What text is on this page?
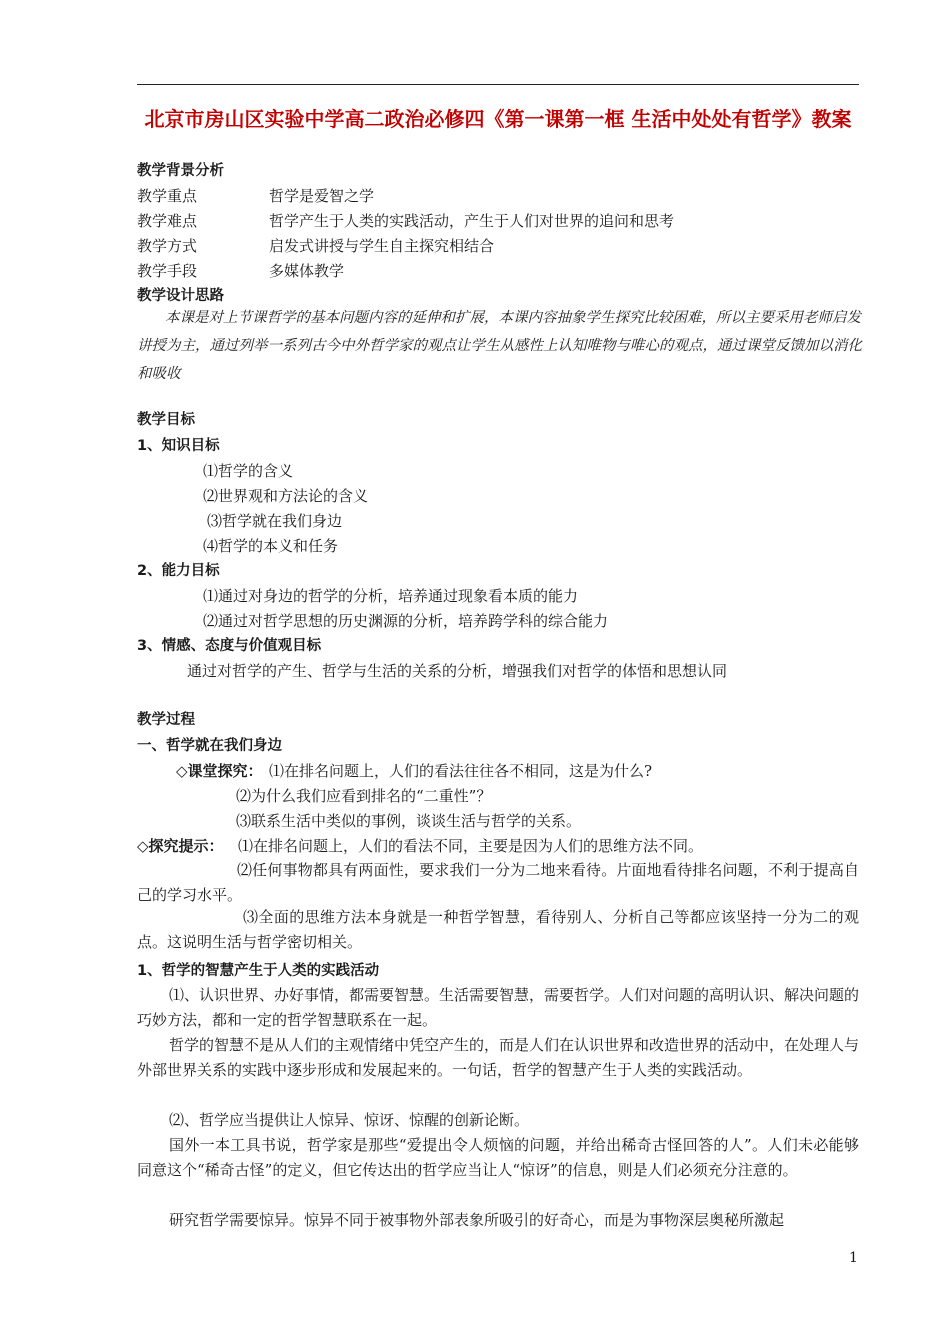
北京市房山区实验中学高二政治必修四《第一课第一框 生活中处处有哲学》教案
教学背景分析
教学重点	哲学是爱智之学
教学难点	哲学产生于人类的实践活动，产生于人们对世界的追问和思考
教学方式	启发式讲授与学生自主探究相结合
教学手段	多媒体教学
教学设计思路
本课是对上节课哲学的基本问题内容的延伸和扩展，本课内容抽象学生探究比较困难，所以主要采用老师启发讲授为主，通过列举一系列古今中外哲学家的观点让学生从感性上认知唯物与唯心的观点，通过课堂反馈加以消化和吸收
教学目标
1、知识目标
⑴哲学的含义
⑵世界观和方法论的含义
⑶哲学就在我们身边
⑷哲学的本义和任务
2、能力目标
⑴通过对身边的哲学的分析，培养通过现象看本质的能力
⑵通过对哲学思想的历史渊源的分析，培养跨学科的综合能力
3、情感、态度与价值观目标
通过对哲学的产生、哲学与生活的关系的分析，增强我们对哲学的体悟和思想认同
教学过程
一、哲学就在我们身边
◇课堂探究： ⑴在排名问题上，人们的看法往往各不相同，这是为什么?
⑵为什么我们应看到排名的“二重性”？
⑶联系生活中类似的事例，谈谈生活与哲学的关系。
◇探究提示： ⑴在排名问题上，人们的看法不同，主要是因为人们的思维方法不同。
⑵任何事物都具有两面性，要求我们一分为二地来看待。片面地看待排名问题，不利于提高自己的学习水平。
⑶全面的思维方法本身就是一种哲学智慧，看待别人、分析自己等都应该坚持一分为二的观点。这说明生活与哲学密切相关。
1、哲学的智慧产生于人类的实践活动
⑴、认识世界、办好事情，都需要智慧。生活需要智慧，需要哲学。人们对问题的高明认识、解决问题的巧妙方法，都和一定的哲学智慧联系在一起。
哲学的智慧不是从人们的主观情绪中凭空产生的，而是人们在认识世界和改造世界的活动中，在处理人与外部世界关系的实践中逐步形成和发展起来的。一句话，哲学的智慧产生于人类的实践活动。
⑵、哲学应当提供让人惊异、惊讶、惊醒的创新论断。
国外一本工具书说，哲学家是那些“爱提出令人烦恼的问题，并给出稀奇古怪回答的人”。人们未必能够同意这个“稀奇古怪”的定义，但它传达出的哲学应当让人“惊讶”的信息，则是人们必须充分注意的。
研究哲学需要惊异。惊异不同于被事物外部表象所吸引的好奇心，而是为事物深层奥秘所激起
1
